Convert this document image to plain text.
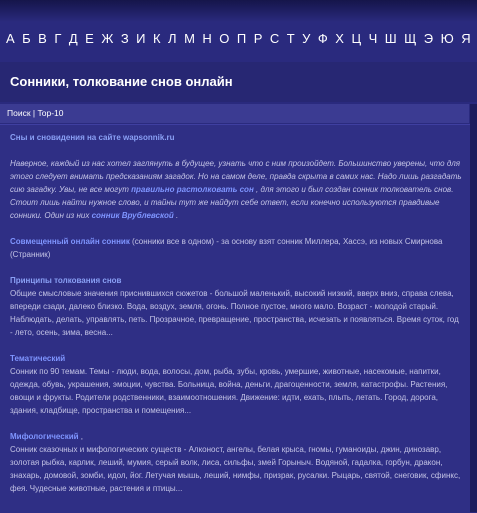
А Б В Г Д Е Ж З И К Л М Н О П Р С Т У Ф Х Ц Ч Ш Щ Э Ю Я
Сонники, толкование снов онлайн
Поиск | Top-10

Сны и сновидения на сайте wapsonnik.ru

Наверное, каждый из нас хотел заглянуть в будущее, узнать что с ним произойдет. Большинство уверены, что для этого следует внимать предсказаниям загадок. Но на самом деле, правда скрыта в самих нас. Надо лишь разгадать сию загадку. Увы, не все могут правильно растолковать сон , для этого и был создан сонник толкователь снов. Стоит лишь найти нужное слово, и тайны тут же найдут себе ответ, если конечно используются правдивые сонники. Один из них сонник Врублевской .

Совмещенный онлайн сонник (сонники все в одном) - за основу взят сонник Миллера, Хассэ, из новых Смирнова (Странник)

Принципы толкования снов

Общие смысловые значения приснившихся сюжетов - большой маленький, высокий низкий, вверх вниз, справа слева, впереди сзади, далеко близко. Вода, воздух, земля, огонь. Полное пустое, много мало. Возраст - молодой старый. Наблюдать, делать, управлять, петь. Прозрачное, превращение, пространства, исчезать и появляться. Время суток, год - лето, осень, зима, весна...

Тематический

Сонник по 90 темам. Темы - люди, вода, волосы, дом, рыба, зубы, кровь, умершие, животные, насекомые, напитки, одежда, обувь, украшения, эмоции, чувства. Больница, война, деньги, драгоценности, земля, катастрофы. Растения, овощи и фрукты. Родители родственники, взаимоотношения. Движение: идти, ехать, плыть, летать. Город, дорога, здания, кладбище, пространства и помещения...

Мифологический ,

Сонник сказочных и мифологических существ - Алконост, ангелы, белая крыса, гномы, гуманоиды, джин, динозавр, золотая рыбка, карлик, леший, мумия, серый волк, лиса, сильфы, змей Горыныч. Водяной, гадалка, горбун, дракон, знахарь, домовой, зомби, идол, йог. Летучая мышь, леший, нимфы, призрак, русалки. Рыцарь, святой, снеговик, сфинкс, фея. Чудесные животные, растения и птицы...
